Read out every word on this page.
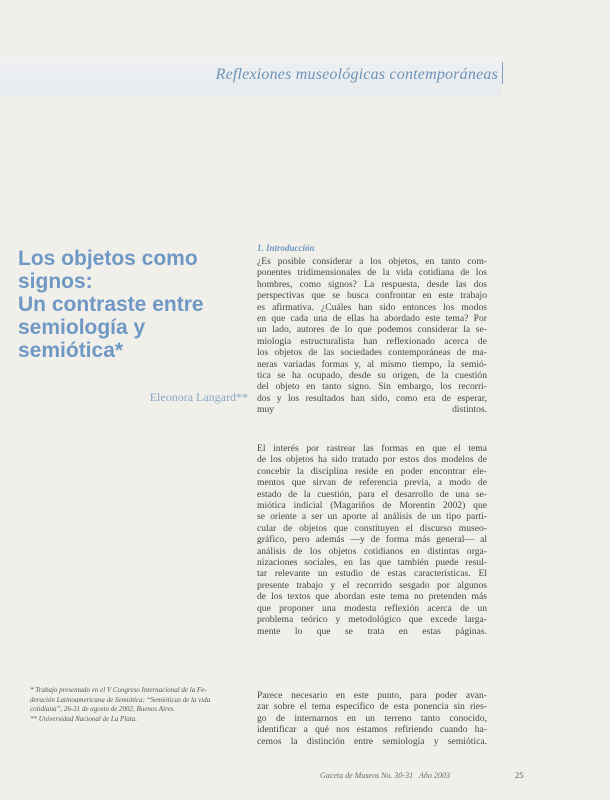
Reflexiones museológicas contemporáneas
Los objetos como
signos:
Un contraste entre
semiología y
semiótica*
Eleonora Langard**
1. Introducción

¿Es posible considerar a los objetos, en tanto com-
ponentes tridimensionales de la vida cotidiana de los
hombres, como signos? La respuesta, desde las dos
perspectivas que se busca confrontar en este trabajo
es afirmativa. ¿Cuáles han sido entonces los modos
en que cada una de ellas ha abordado este tema? Por
un lado, autores de lo que podemos considerar la se-
miología estructuralista han reflexionado acerca de
los objetos de las sociedades contemporáneas de ma-
neras variadas formas y, al mismo tiempo, la semió-
tica se ha ocupado, desde su origen, de la cuestión
del objeto en tanto signo. Sin embargo, los recorri-
dos y los resultados han sido, como era de esperar,
muy distintos.

El interés por rastrear las formas en que el tema
de los objetos ha sido tratado por estos dos modelos de
concebir la disciplina reside en poder encontrar ele-
mentos que sirvan de referencia previa, a modo de
estado de la cuestión, para el desarrollo de una se-
miótica indicial (Magariños de Morentin 2002) que
se oriente a ser un aporte al análisis de un tipo parti-
cular de objetos que constituyen el discurso museo-
gráfico, pero además —y de forma más general— al
análisis de los objetos cotidianos en distintas orga-
nizaciones sociales, en las que también puede resul-
tar relevante un estudio de estas características. El
presente trabajo y el recorrido sesgado por algunos
de los textos que abordan este tema no pretenden más
que proponer una modesta reflexión acerca de un
problema teórico y metodológico que excede larga-
mente lo que se trata en estas páginas.

Parece necesario en este punto, para poder avan-
zar sobre el tema específico de esta ponencia sin ries-
go de internarnos en un terreno tanto conocido,
identificar a qué nos estamos refiriendo cuando ha-
cemos la distinción entre semiología y semiótica.

* Trabajo presentado en el V Congreso Internacional de la Fe-
deración Latinoamericana de Semiótica: “Semióticas de la vida
cotidiana”, 26-31 de agosto de 2002, Buenos Aires.
** Universidad Nacional de La Plata.
Gaceta de Museos No. 30-31 Año 2003	25
